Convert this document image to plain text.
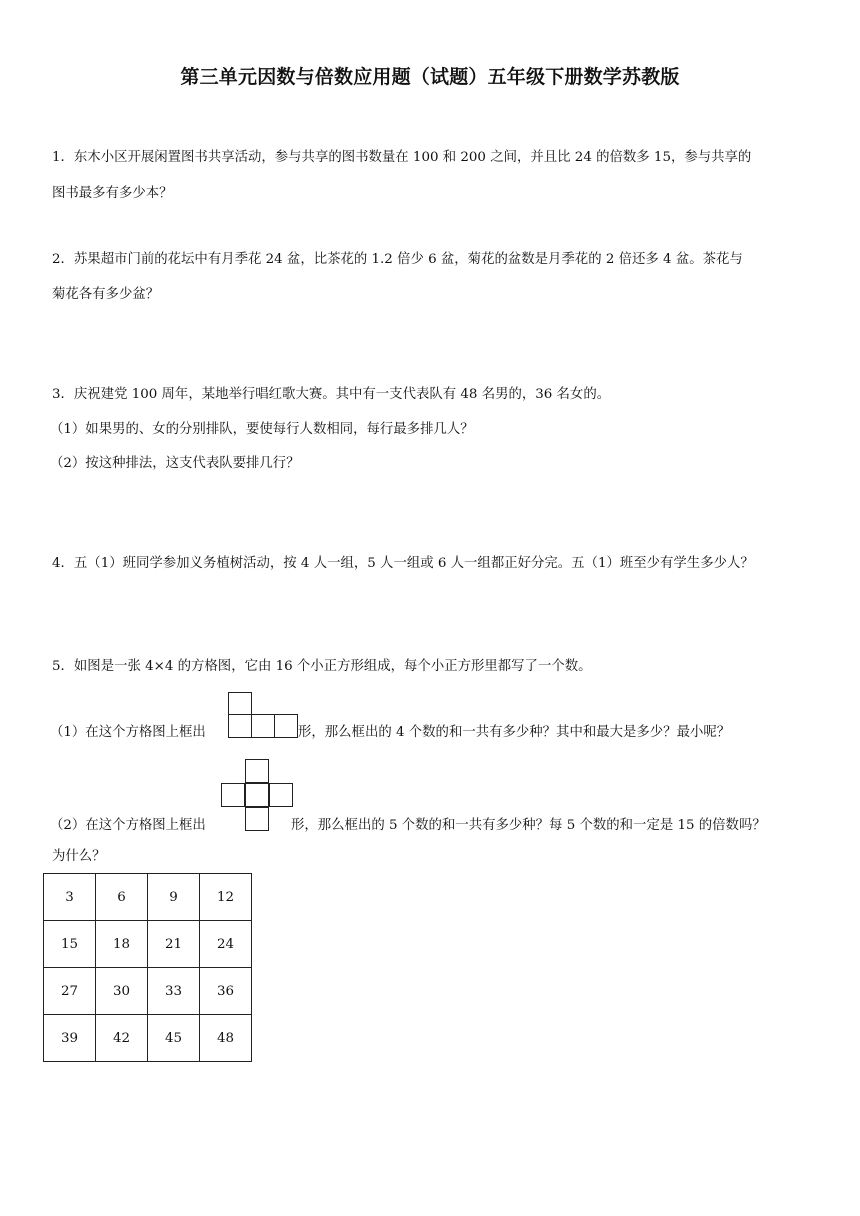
第三单元因数与倍数应用题（试题）五年级下册数学苏教版
1．东木小区开展闲置图书共享活动，参与共享的图书数量在 100 和 200 之间，并且比 24 的倍数多 15，参与共享的
图书最多有多少本？
2．苏果超市门前的花坛中有月季花 24 盆，比茶花的 1.2 倍少 6 盆，菊花的盆数是月季花的 2 倍还多 4 盆。茶花与
菊花各有多少盆？
3．庆祝建党 100 周年，某地举行唱红歌大赛。其中有一支代表队有 48 名男的，36 名女的。
（1）如果男的、女的分别排队，要使每行人数相同，每行最多排几人？
（2）按这种排法，这支代表队要排几行？
4．五（1）班同学参加义务植树活动，按 4 人一组，5 人一组或 6 人一组都正好分完。五（1）班至少有学生多少人？
5．如图是一张 4×4 的方格图，它由 16 个小正方形组成，每个小正方形里都写了一个数。
（1）在这个方格图上框出	形，那么框出的 4 个数的和一共有多少种？其中和最大是多少？最小呢？
（2）在这个方格图上框出	形，那么框出的 5 个数的和一共有多少种？每 5 个数的和一定是 15 的倍数吗？
为什么？
3	6	9	12
15	18	21	24
27	30	33	36
39	42	45	48
